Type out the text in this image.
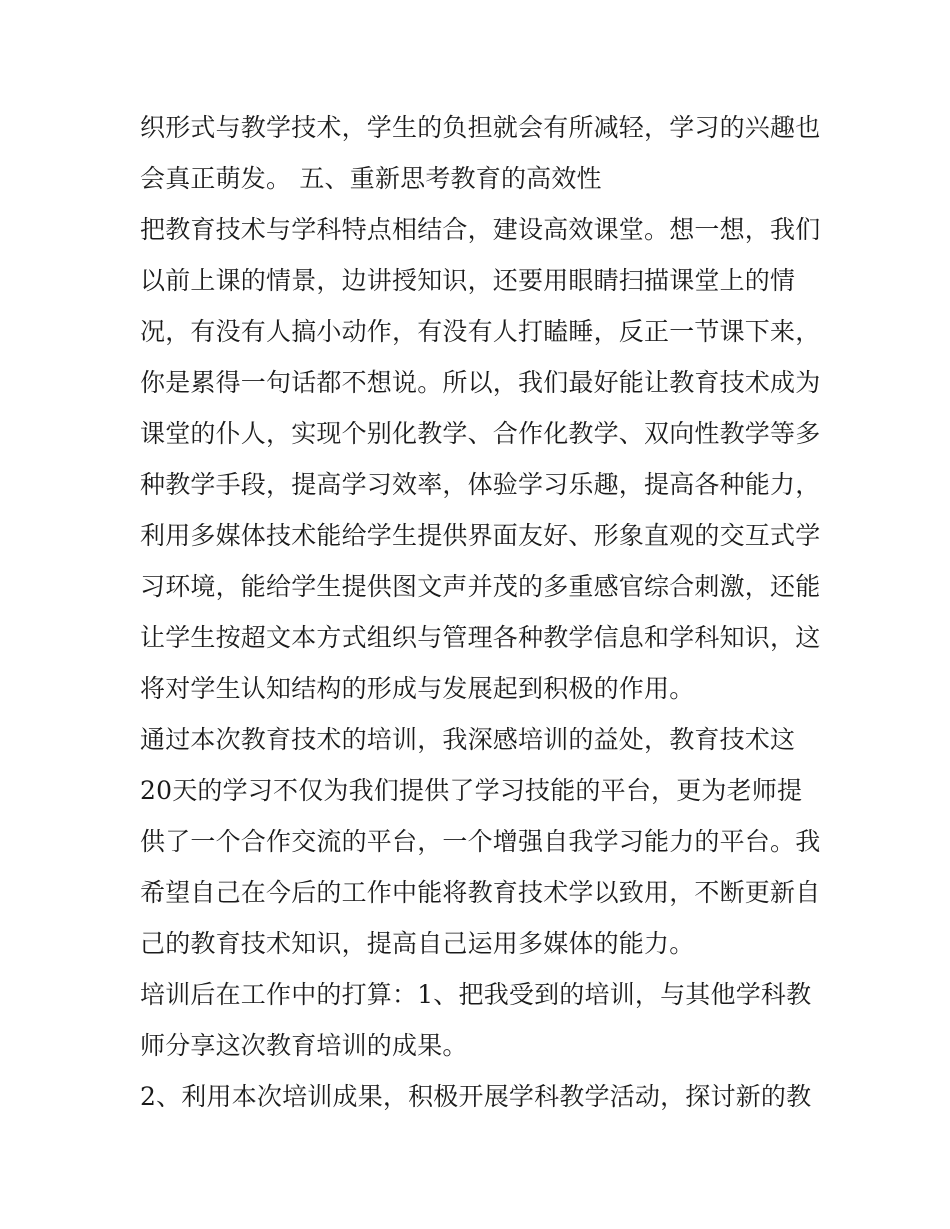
织形式与教学技术，学生的负担就会有所减轻，学习的兴趣也
会真正萌发。 五、重新思考教育的高效性
把教育技术与学科特点相结合，建设高效课堂。想一想，我们
以前上课的情景，边讲授知识，还要用眼睛扫描课堂上的情
况，有没有人搞小动作，有没有人打瞌睡，反正一节课下来，
你是累得一句话都不想说。所以，我们最好能让教育技术成为
课堂的仆人，实现个别化教学、合作化教学、双向性教学等多
种教学手段，提高学习效率，体验学习乐趣，提高各种能力，
利用多媒体技术能给学生提供界面友好、形象直观的交互式学
习环境，能给学生提供图文声并茂的多重感官综合刺激，还能
让学生按超文本方式组织与管理各种教学信息和学科知识，这
将对学生认知结构的形成与发展起到积极的作用。
通过本次教育技术的培训，我深感培训的益处，教育技术这
20天的学习不仅为我们提供了学习技能的平台，更为老师提
供了一个合作交流的平台，一个增强自我学习能力的平台。我
希望自己在今后的工作中能将教育技术学以致用，不断更新自
己的教育技术知识，提高自己运用多媒体的能力。
培训后在工作中的打算：1、把我受到的培训，与其他学科教
师分享这次教育培训的成果。
2、利用本次培训成果，积极开展学科教学活动，探讨新的教
